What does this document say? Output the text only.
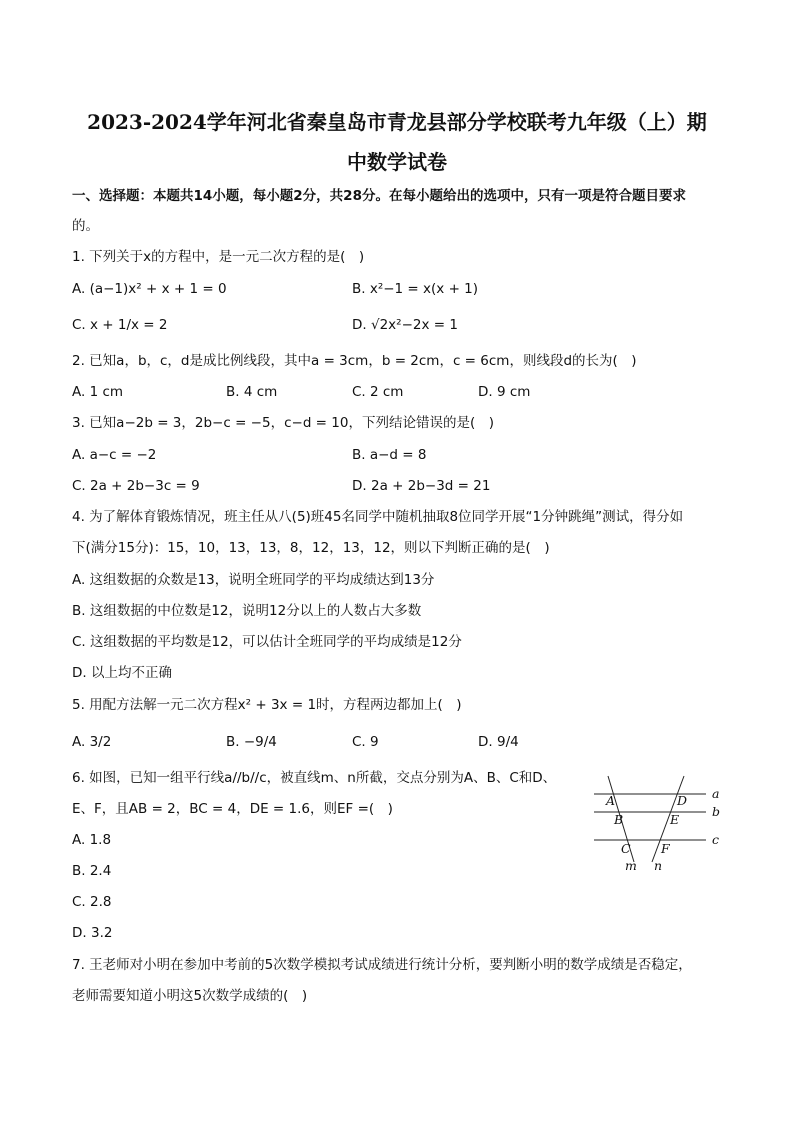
2023-2024学年河北省秦皇岛市青龙县部分学校联考九年级（上）期
中数学试卷
一、选择题：本题共14小题，每小题2分，共28分。在每小题给出的选项中，只有一项是符合题目要求
的。
1. 下列关于x的方程中，是一元二次方程的是(　)
A. (a−1)x² + x + 1 = 0	B. x²−1 = x(x + 1)
C. x + 1/x = 2	D. √2x²−2x = 1
2. 已知a，b，c，d是成比例线段，其中a = 3cm，b = 2cm，c = 6cm，则线段d的长为(　)
A. 1 cm	B. 4 cm	C. 2 cm	D. 9 cm
3. 已知a−2b = 3，2b−c = −5，c−d = 10，下列结论错误的是(　)
A. a−c = −2	B. a−d = 8
C. 2a + 2b−3c = 9	D. 2a + 2b−3d = 21
4. 为了解体育锻炼情况，班主任从八(5)班45名同学中随机抽取8位同学开展“1分钟跳绳”测试，得分如
下(满分15分)：15，10，13，13，8，12，13，12，则以下判断正确的是(　)
A. 这组数据的众数是13，说明全班同学的平均成绩达到13分
B. 这组数据的中位数是12，说明12分以上的人数占大多数
C. 这组数据的平均数是12，可以估计全班同学的平均成绩是12分
D. 以上均不正确
5. 用配方法解一元二次方程x² + 3x = 1时，方程两边都加上(　)
A. 3/2	B. −9/4	C. 9	D. 9/4
6. 如图，已知一组平行线a//b//c，被直线m、n所截，交点分别为A、B、C和D、
E、F，且AB = 2，BC = 4，DE = 1.6，则EF =(　)
A. 1.8
B. 2.4
C. 2.8
D. 3.2
A
B
C
D
E
F
a
b
c
m n
7. 王老师对小明在参加中考前的5次数学模拟考试成绩进行统计分析，要判断小明的数学成绩是否稳定，
老师需要知道小明这5次数学成绩的(　)
